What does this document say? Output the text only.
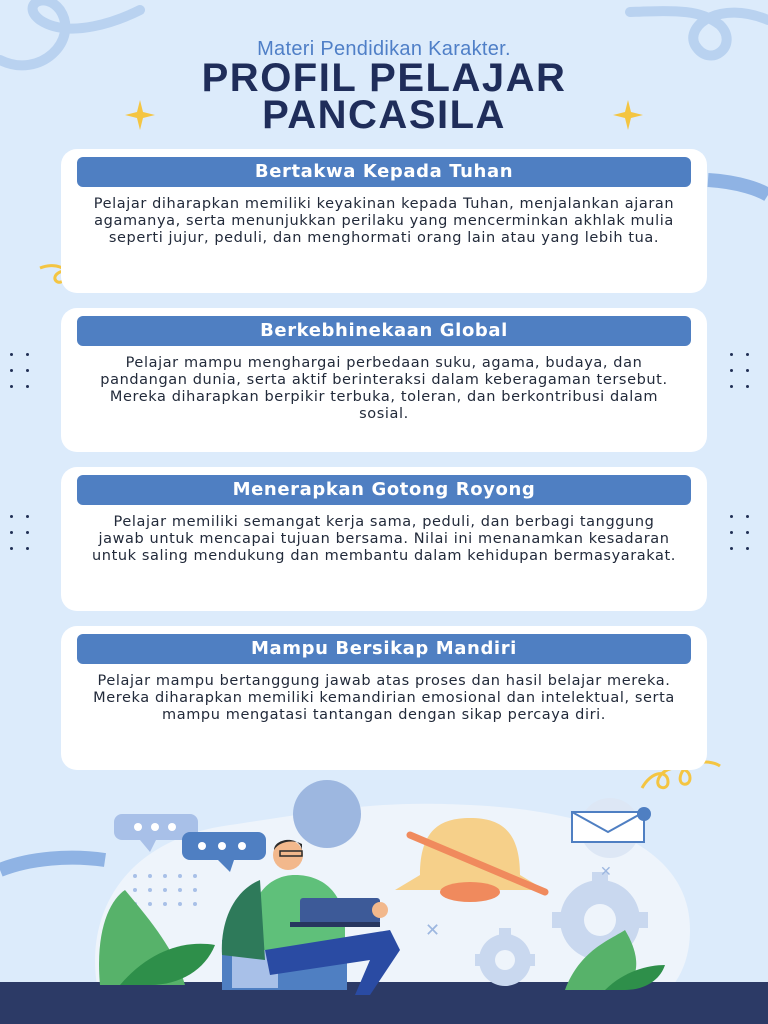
Materi Pendidikan Karakter.
PROFIL PELAJAR
PANCASILA
Bertakwa Kepada Tuhan
Pelajar diharapkan memiliki keyakinan kepada Tuhan, menjalankan ajaran agamanya, serta menunjukkan perilaku yang mencerminkan akhlak mulia seperti jujur, peduli, dan menghormati orang lain atau yang lebih tua.
Berkebhinekaan Global
Pelajar mampu menghargai perbedaan suku, agama, budaya, dan pandangan dunia, serta aktif berinteraksi dalam keberagaman tersebut. Mereka diharapkan berpikir terbuka, toleran, dan berkontribusi dalam sosial.
Menerapkan Gotong Royong
Pelajar memiliki semangat kerja sama, peduli, dan berbagi tanggung jawab untuk mencapai tujuan bersama. Nilai ini menanamkan kesadaran untuk saling mendukung dan membantu dalam kehidupan bermasyarakat.
Mampu Bersikap Mandiri
Pelajar mampu bertanggung jawab atas proses dan hasil belajar mereka. Mereka diharapkan memiliki kemandirian emosional dan intelektual, serta mampu mengatasi tantangan dengan sikap percaya diri.
✕
✕
